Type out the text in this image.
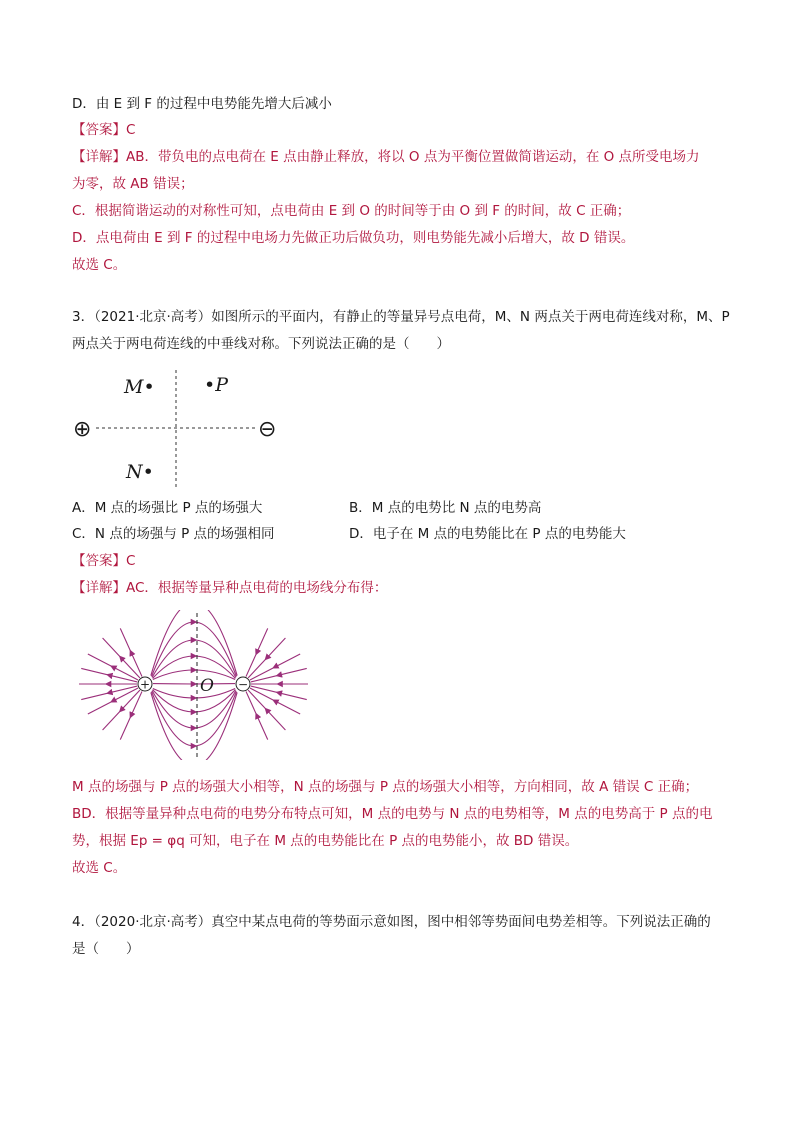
D．由 E 到 F 的过程中电势能先增大后减小
【答案】C
【详解】AB．带负电的点电荷在 E 点由静止释放，将以 O 点为平衡位置做简谐运动，在 O 点所受电场力
为零，故 AB 错误；
C．根据简谐运动的对称性可知，点电荷由 E 到 O 的时间等于由 O 到 F 的时间，故 C 正确；
D．点电荷由 E 到 F 的过程中电场力先做正功后做负功，则电势能先减小后增大，故 D 错误。
故选 C。
3．（2021·北京·高考）如图所示的平面内，有静止的等量异号点电荷，M、N 两点关于两电荷连线对称，M、P
两点关于两电荷连线的中垂线对称。下列说法正确的是（　　）
M•	•P
N•
⊕	⊖
A．M 点的场强比 P 点的场强大	B．M 点的电势比 N 点的电势高
C．N 点的场强与 P 点的场强相同	D．电子在 M 点的电势能比在 P 点的电势能大
【答案】C
【详解】AC．根据等量异种点电荷的电场线分布得：
+	−
O
M 点的场强与 P 点的场强大小相等，N 点的场强与 P 点的场强大小相等，方向相同，故 A 错误 C 正确；
BD．根据等量异种点电荷的电势分布特点可知，M 点的电势与 N 点的电势相等，M 点的电势高于 P 点的电
势，根据 Ep = φq 可知，电子在 M 点的电势能比在 P 点的电势能小，故 BD 错误。
故选 C。
4．（2020·北京·高考）真空中某点电荷的等势面示意如图，图中相邻等势面间电势差相等。下列说法正确的
是（　　）
